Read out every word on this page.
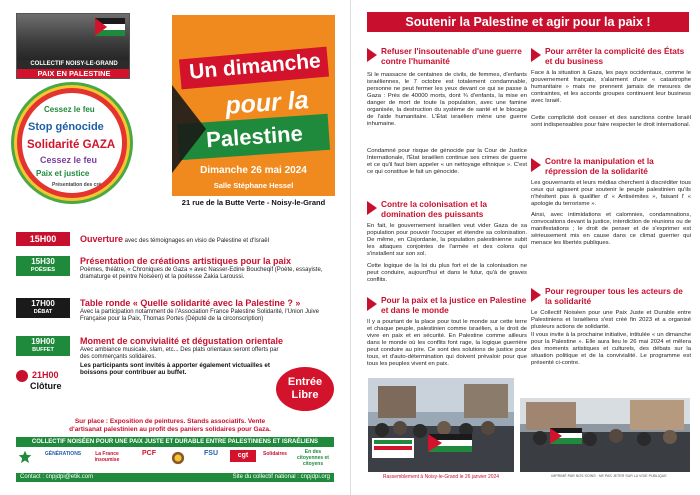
COLLECTIF NOISY-LE-GRAND
PAIX EN PALESTINE
Cessez le feu
Stop génocide
Solidarité GAZA
Cessez le feu
Paix et justice
Présentation des créations
Un dimanche
pour la
Palestine
Dimanche 26 mai 2024
Salle Stéphane Hessel
21 rue de la Butte Verte - Noisy-le-Grand
15H00	Ouverture avec des témoignages en visio de Palestine et d'Israël
15H30
POÉSIES
Présentation de créations artistiques pour la paix
Poèmes, théâtre, « Chroniques de Gaza » avec Nasser-Edine Boucheqif (Poète, essayiste, dramaturge et peintre Noiséen) et la poétesse Zakia Laroussi.
17H00
DÉBAT
Table ronde « Quelle solidarité avec la Palestine ? »
Avec la participation notamment de l'Association France Palestine Solidarité, l'Union Juive Française pour la Paix, Thomas Portes (Député de la circonscription)
19H00
BUFFET
Moment de convivialité et dégustation orientale
Avec ambiance musicale, slam, etc... Des plats orientaux seront offerts par des commerçants solidaires.
Les participants sont invités à apporter également victuailles et boissons pour contribuer au buffet.
21H00
Clôture	Entrée
Libre
Sur place : Exposition de peintures. Stands associatifs. Vente
d'artisanat palestinien au profit des paniers solidaires pour Gaza.
COLLECTIF NOISÉEN POUR UNE PAIX JUSTE ET DURABLE ENTRE PALESTINIENS ET ISRAÉLIENS
GÉNÉRATIONS	La France insoumise
PCF	FSU	cgt	Solidaires	En des citoyennes et citoyens
Contact : cnpjdpi@etik.com	Site du collectif national : cnpjdpi.org
Soutenir la Palestine et agir pour la paix !
Refuser l'insoutenable d'une guerre contre l'humanité
Si le massacre de centaines de civils, de femmes, d'enfants israéliennes, le 7 octobre est totalement condamnable, personne ne peut fermer les yeux devant ce qui se passe à Gaza : Près de 40000 morts, dont ¾ d'enfants, la mise en danger de mort de toute la population, avec une famine organisée, la destruction du système de santé et le blocage de l'aide humanitaire. L'État israélien mène une guerre inhumaine.
Condamné pour risque de génocide par la Cour de Justice Internationale, l'État israélien continue ses crimes de guerre et ce qu'il faut bien appeler « un nettoyage ethnique ». C'est ce qui constitue le fait un génocide.
Contre la colonisation et la domination des puissants
En fait, le gouvernement israélien veut vider Gaza de sa population pour pouvoir l'occuper et étendre sa colonisation. De même, en Cisjordanie, la population palestinienne subit les attaques conjointes de l'armée et des colons qui s'installent sur son sol.
Cette logique de la loi du plus fort et de la colonisation ne peut conduire, aujourd'hui et dans le futur, qu'à de graves conflits.
Pour la paix et la justice en Palestine et dans le monde
Il y a pourtant de la place pour tout le monde sur cette terre et chaque peuple, palestinien comme israélien, a le droit de vivre en paix et en sécurité. En Palestine comme ailleurs dans le monde où les conflits font rage, la logique guerrière peut conduire au pire. Ce sont des solutions de justice pour tous, et d'auto-détermination qui doivent prévaloir pour que tous les peuples vivent en paix.
Pour arrêter la complicité des États et du business
Face à la situation à Gaza, les pays occidentaux, comme le gouvernement français, s'alarment d'une « catastrophe humanitaire » mais ne prennent jamais de mesures de contraintes, et les accords groupes continuent leur business avec Israël.
Cette complicité doit cesser et des sanctions contre Israël sont indispensables pour faire respecter le droit international.
Contre la manipulation et la répression de la solidarité
Les gouvernants et leurs médias cherchent à discréditer tous ceux qui agissent pour soutenir le peuple palestinien qu'ils n'hésitent pas à qualifier d' « Antisémites », faisant l' « apologie du terrorisme ».
Ainsi, avec intimidations et calomnies, condamnations, convocations devant la justice, interdiction de réunions ou de manifestations ; le droit de penser et de s'exprimer est sérieusement mis en cause dans ce climat guerrier qui menace les libertés publiques.
Pour regrouper tous les acteurs de la solidarité
Le Collectif Noiséen pour une Paix Juste et Durable entre Palestiniens et Israéliens s'est créé fin 2023 et a organisé plusieurs actions de solidarité.
Il vous invite à la prochaine initiative, intitulée « un dimanche pour la Palestine ». Elle aura lieu le 26 mai 2024 et mêlera des moments artistiques et culturels, des débats sur la situation politique et de la convivialité. Le programme est présenté ci-contre.
Rassemblement à Noisy-le-Grand le 26 janvier 2024	IMPRIMÉ PAR NOS SOINS · NE PAS JETER SUR LA VOIE PUBLIQUE
